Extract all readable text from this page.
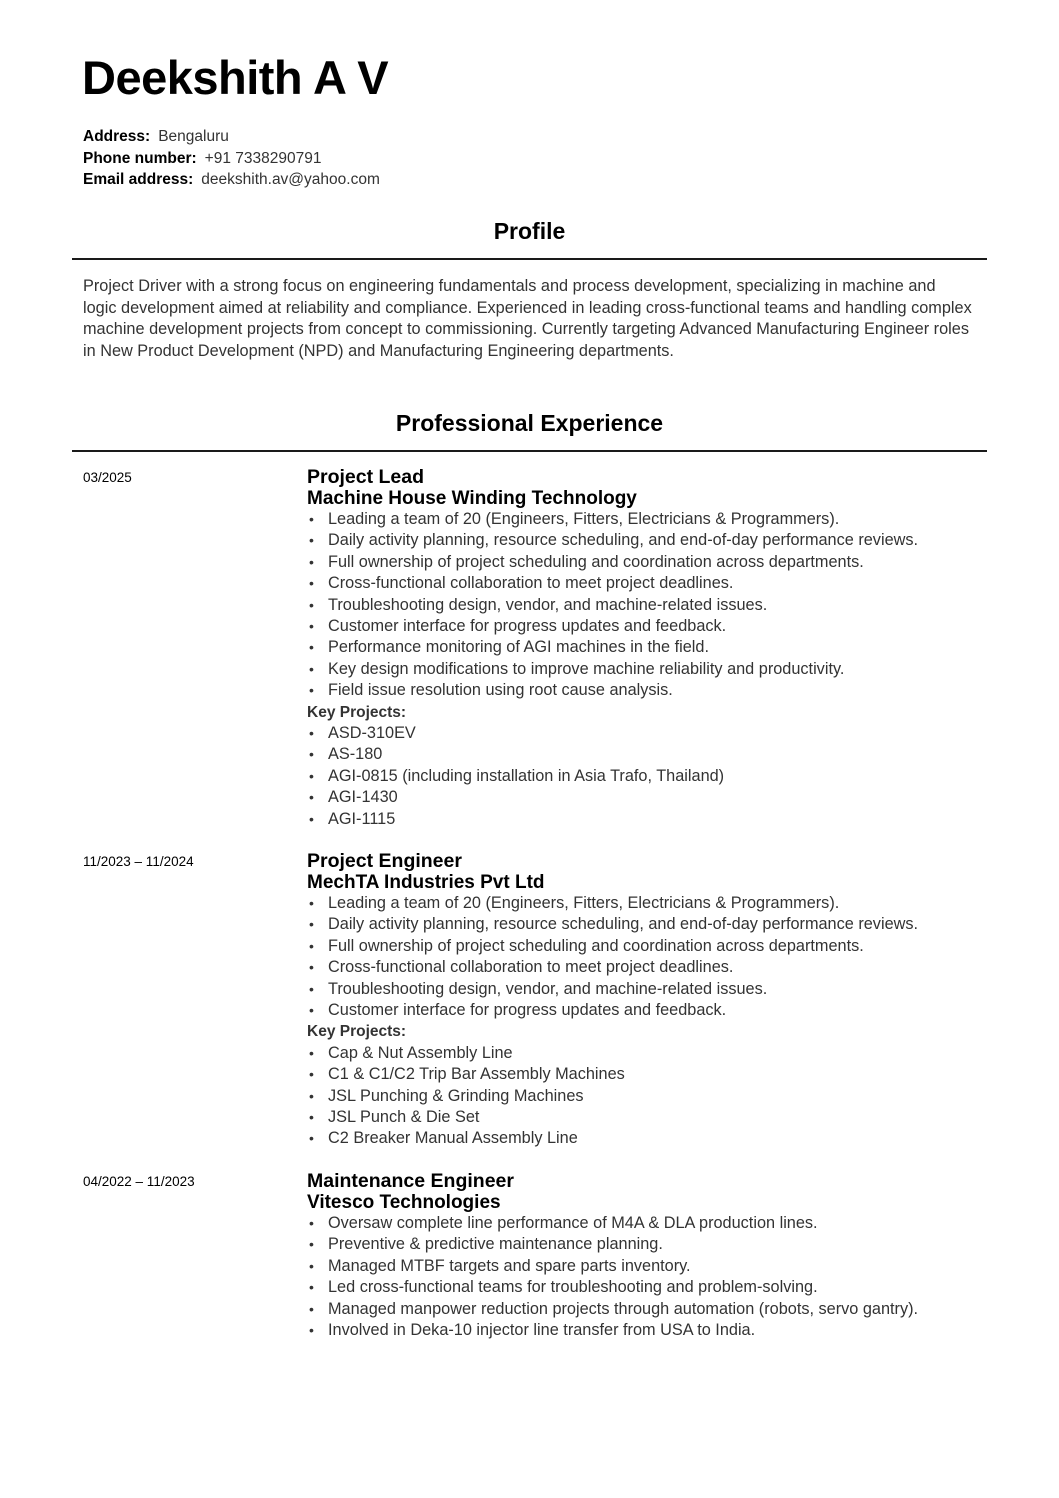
Deekshith A V
Address: Bengaluru
Phone number: +91 7338290791
Email address: deekshith.av@yahoo.com
Profile

Project Driver with a strong focus on engineering fundamentals and process development, specializing in machine and logic development aimed at reliability and compliance. Experienced in leading cross-functional teams and handling complex machine development projects from concept to commissioning. Currently targeting Advanced Manufacturing Engineer roles in New Product Development (NPD) and Manufacturing Engineering departments.

Professional Experience
03/2025	Project Lead
Machine House Winding Technology
• Leading a team of 20 (Engineers, Fitters, Electricians & Programmers).
• Daily activity planning, resource scheduling, and end-of-day performance reviews.
• Full ownership of project scheduling and coordination across departments.
• Cross-functional collaboration to meet project deadlines.
• Troubleshooting design, vendor, and machine-related issues.
• Customer interface for progress updates and feedback.
• Performance monitoring of AGI machines in the field.
• Key design modifications to improve machine reliability and productivity.
• Field issue resolution using root cause analysis.
Key Projects:
• ASD-310EV
• AS-180
• AGI-0815 (including installation in Asia Trafo, Thailand)
• AGI-1430
• AGI-1115
11/2023 – 11/2024	Project Engineer
MechTA Industries Pvt Ltd
• Leading a team of 20 (Engineers, Fitters, Electricians & Programmers).
• Daily activity planning, resource scheduling, and end-of-day performance reviews.
• Full ownership of project scheduling and coordination across departments.
• Cross-functional collaboration to meet project deadlines.
• Troubleshooting design, vendor, and machine-related issues.
• Customer interface for progress updates and feedback.
Key Projects:
• Cap & Nut Assembly Line
• C1 & C1/C2 Trip Bar Assembly Machines
• JSL Punching & Grinding Machines
• JSL Punch & Die Set
• C2 Breaker Manual Assembly Line
04/2022 – 11/2023	Maintenance Engineer
Vitesco Technologies
• Oversaw complete line performance of M4A & DLA production lines.
• Preventive & predictive maintenance planning.
• Managed MTBF targets and spare parts inventory.
• Led cross-functional teams for troubleshooting and problem-solving.
• Managed manpower reduction projects through automation (robots, servo gantry).
• Involved in Deka-10 injector line transfer from USA to India.
